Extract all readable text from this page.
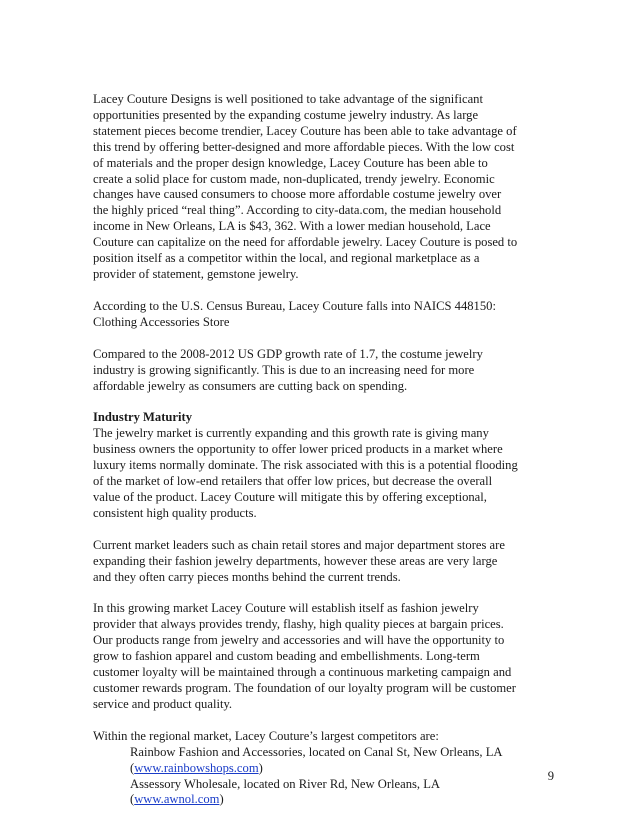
Lacey Couture Designs is well positioned to take advantage of the significant
opportunities presented by the expanding costume jewelry industry. As large
statement pieces become trendier, Lacey Couture has been able to take advantage of
this trend by offering better-designed and more affordable pieces. With the low cost
of materials and the proper design knowledge, Lacey Couture has been able to
create a solid place for custom made, non-duplicated, trendy jewelry. Economic
changes have caused consumers to choose more affordable costume jewelry over
the highly priced “real thing”. According to city-data.com, the median household
income in New Orleans, LA is $43, 362. With a lower median household, Lace
Couture can capitalize on the need for affordable jewelry. Lacey Couture is posed to
position itself as a competitor within the local, and regional marketplace as a
provider of statement, gemstone jewelry.

According to the U.S. Census Bureau, Lacey Couture falls into NAICS 448150:
Clothing Accessories Store

Compared to the 2008-2012 US GDP growth rate of 1.7, the costume jewelry
industry is growing significantly. This is due to an increasing need for more
affordable jewelry as consumers are cutting back on spending.

Industry Maturity

The jewelry market is currently expanding and this growth rate is giving many
business owners the opportunity to offer lower priced products in a market where
luxury items normally dominate. The risk associated with this is a potential flooding
of the market of low-end retailers that offer low prices, but decrease the overall
value of the product. Lacey Couture will mitigate this by offering exceptional,
consistent high quality products.

Current market leaders such as chain retail stores and major department stores are
expanding their fashion jewelry departments, however these areas are very large
and they often carry pieces months behind the current trends.

In this growing market Lacey Couture will establish itself as fashion jewelry
provider that always provides trendy, flashy, high quality pieces at bargain prices.
Our products range from jewelry and accessories and will have the opportunity to
grow to fashion apparel and custom beading and embellishments. Long-term
customer loyalty will be maintained through a continuous marketing campaign and
customer rewards program. The foundation of our loyalty program will be customer
service and product quality.

Within the regional market, Lacey Couture’s largest competitors are:

Rainbow Fashion and Accessories, located on Canal St, New Orleans, LA

(www.rainbowshops.com)

Assessory Wholesale, located on River Rd, New Orleans, LA

(www.awnol.com)

9
